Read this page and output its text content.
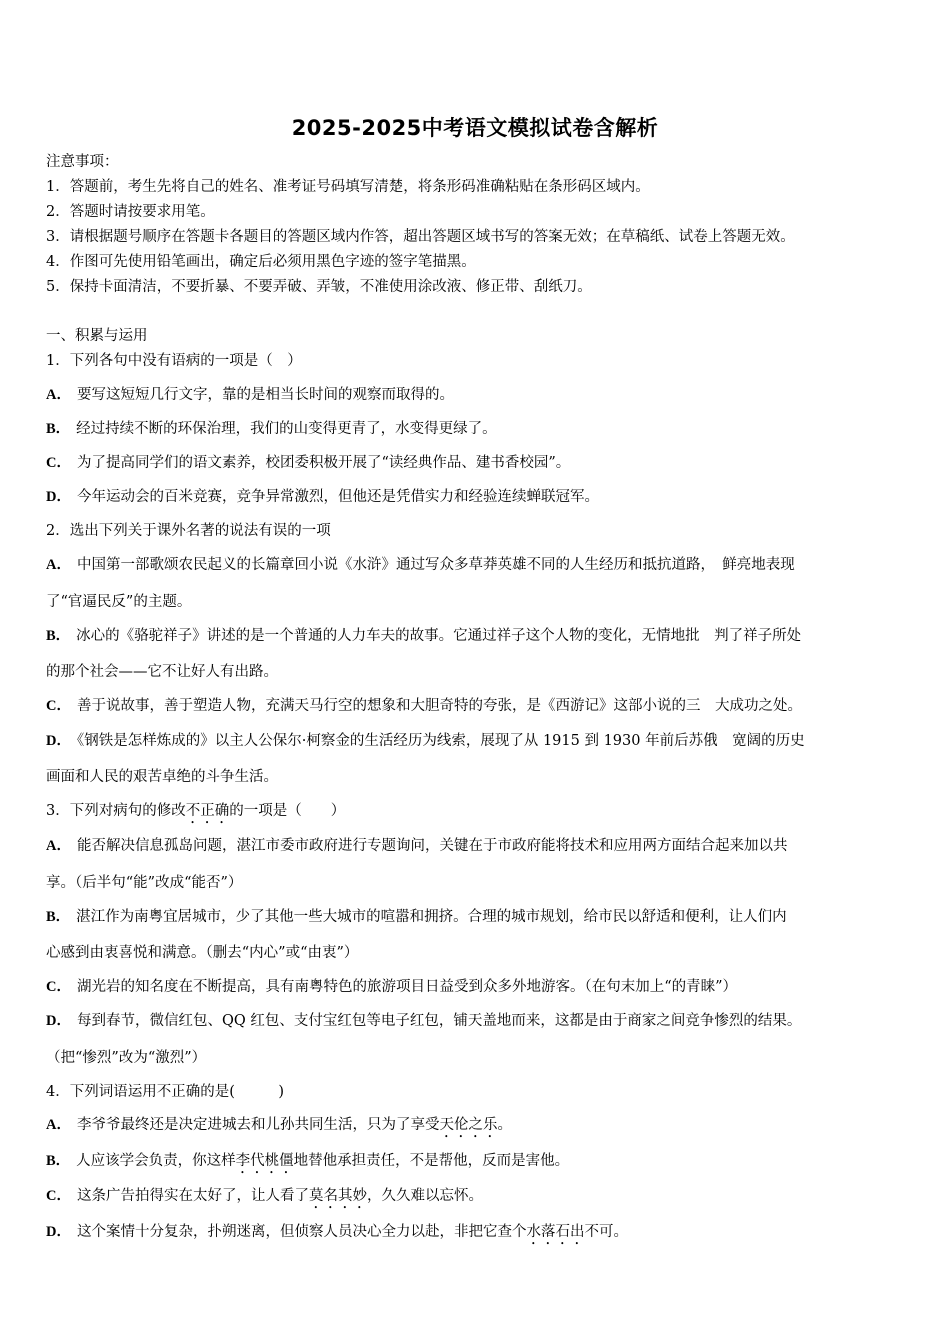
2025-2025中考语文模拟试卷含解析
注意事项：
1．答题前，考生先将自己的姓名、准考证号码填写清楚，将条形码准确粘贴在条形码区域内。
2．答题时请按要求用笔。
3．请根据题号顺序在答题卡各题目的答题区域内作答，超出答题区域书写的答案无效；在草稿纸、试卷上答题无效。
4．作图可先使用铅笔画出，确定后必须用黑色字迹的签字笔描黑。
5．保持卡面清洁，不要折暴、不要弄破、弄皱，不准使用涂改液、修正带、刮纸刀。
一、积累与运用
1．下列各句中没有语病的一项是（　）
A． 要写这短短几行文字，靠的是相当长时间的观察而取得的。
B． 经过持续不断的环保治理，我们的山变得更青了，水变得更绿了。
C． 为了提高同学们的语文素养，校团委积极开展了“读经典作品、建书香校园”。
D． 今年运动会的百米竞赛，竞争异常激烈，但他还是凭借实力和经验连续蝉联冠军。
2．选出下列关于课外名著的说法有误的一项
A． 中国第一部歌颂农民起义的长篇章回小说《水浒》通过写众多草莽英雄不同的人生经历和抵抗道路，　鲜亮地表现
了“官逼民反”的主题。
B． 冰心的《骆驼祥子》讲述的是一个普通的人力车夫的故事。它通过祥子这个人物的变化，无情地批　判了祥子所处
的那个社会——它不让好人有出路。
C． 善于说故事，善于塑造人物，充满天马行空的想象和大胆奇特的夸张，是《西游记》这部小说的三　大成功之处。
D． 《钢铁是怎样炼成的》以主人公保尔·柯察金的生活经历为线索，展现了从 1915 到 1930 年前后苏俄　宽阔的历史
画面和人民的艰苦卓绝的斗争生活。
3．下列对病句的修改不正确的一项是（　　）
A． 能否解决信息孤岛问题，湛江市委市政府进行专题询问，关键在于市政府能将技术和应用两方面结合起来加以共
享。（后半句“能”改成“能否”）
B． 湛江作为南粤宜居城市，少了其他一些大城市的喧嚣和拥挤。合理的城市规划，给市民以舒适和便利，让人们内
心感到由衷喜悦和满意。（删去“内心”或“由衷”）
C． 湖光岩的知名度在不断提高，具有南粤特色的旅游项目日益受到众多外地游客。（在句末加上“的青睐”）
D． 每到春节，微信红包、QQ 红包、支付宝红包等电子红包，铺天盖地而来，这都是由于商家之间竞争惨烈的结果。
（把“惨烈”改为“激烈”）
4．下列词语运用不正确的是(　　　)
A． 李爷爷最终还是决定进城去和儿孙共同生活，只为了享受天伦之乐。
B． 人应该学会负责，你这样李代桃僵地替他承担责任，不是帮他，反而是害他。
C． 这条广告拍得实在太好了，让人看了莫名其妙，久久难以忘怀。
D． 这个案情十分复杂，扑朔迷离，但侦察人员决心全力以赴，非把它查个水落石出不可。
